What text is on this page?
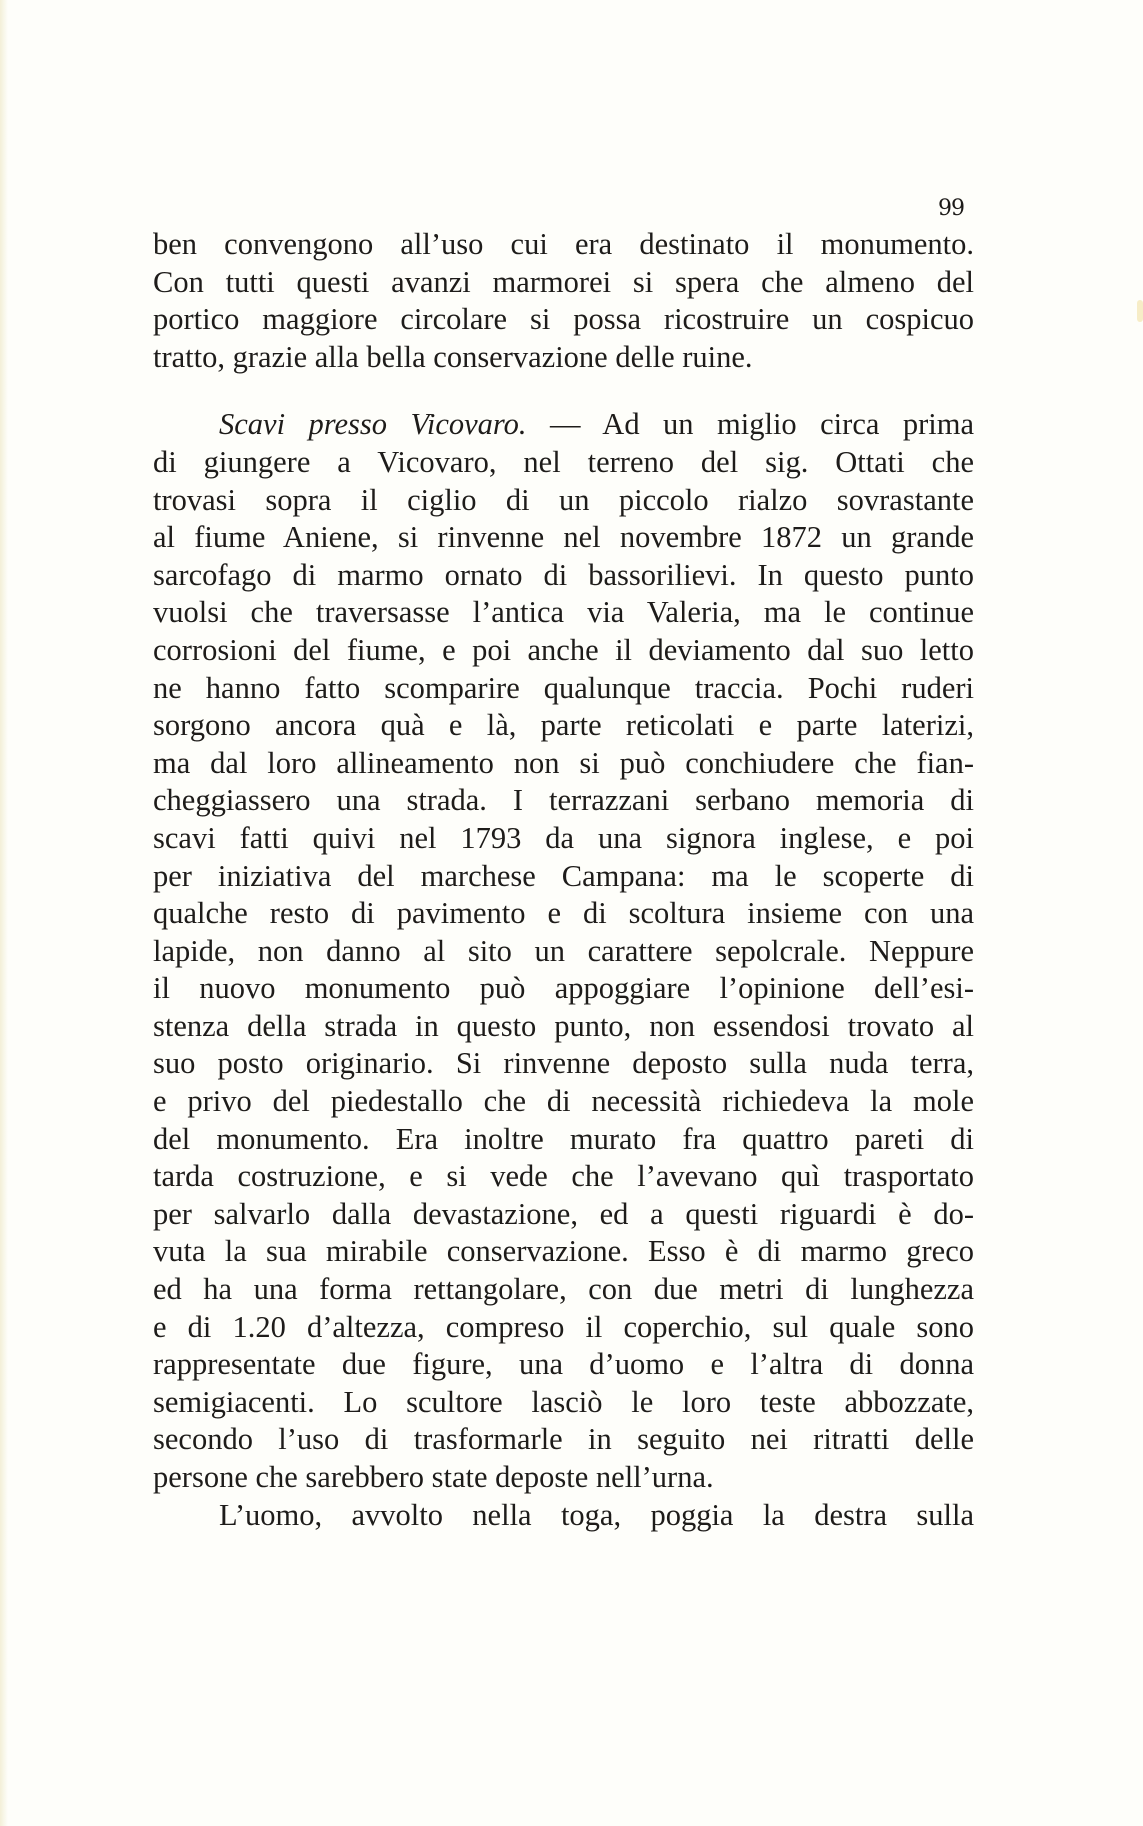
99
ben convengono all’uso cui era destinato il monumento.
Con tutti questi avanzi marmorei si spera che almeno del
portico maggiore circolare si possa ricostruire un cospicuo
tratto, grazie alla bella conservazione delle ruine.
Scavi presso Vicovaro. — Ad un miglio circa prima
di giungere a Vicovaro, nel terreno del sig. Ottati che
trovasi sopra il ciglio di un piccolo rialzo sovrastante
al fiume Aniene, si rinvenne nel novembre 1872 un grande
sarcofago di marmo ornato di bassorilievi. In questo punto
vuolsi che traversasse l’antica via Valeria, ma le continue
corrosioni del fiume, e poi anche il deviamento dal suo letto
ne hanno fatto scomparire qualunque traccia. Pochi ruderi
sorgono ancora quà e là, parte reticolati e parte laterizi,
ma dal loro allineamento non si può conchiudere che fian-
cheggiassero una strada. I terrazzani serbano memoria di
scavi fatti quivi nel 1793 da una signora inglese, e poi
per iniziativa del marchese Campana: ma le scoperte di
qualche resto di pavimento e di scoltura insieme con una
lapide, non danno al sito un carattere sepolcrale. Neppure
il nuovo monumento può appoggiare l’opinione dell’esi-
stenza della strada in questo punto, non essendosi trovato al
suo posto originario. Si rinvenne deposto sulla nuda terra,
e privo del piedestallo che di necessità richiedeva la mole
del monumento. Era inoltre murato fra quattro pareti di
tarda costruzione, e si vede che l’avevano quì trasportato
per salvarlo dalla devastazione, ed a questi riguardi è do-
vuta la sua mirabile conservazione. Esso è di marmo greco
ed ha una forma rettangolare, con due metri di lunghezza
e di 1.20 d’altezza, compreso il coperchio, sul quale sono
rappresentate due figure, una d’uomo e l’altra di donna
semigiacenti. Lo scultore lasciò le loro teste abbozzate,
secondo l’uso di trasformarle in seguito nei ritratti delle
persone che sarebbero state deposte nell’urna.
L’uomo, avvolto nella toga, poggia la destra sulla
